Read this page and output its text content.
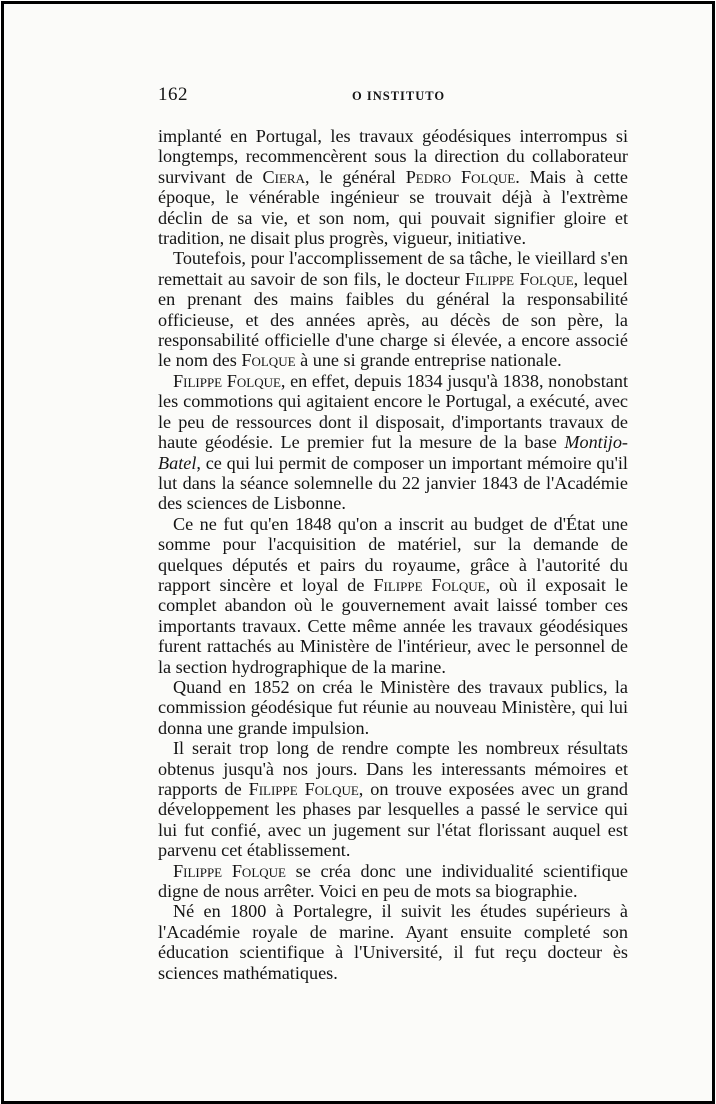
162	O INSTITUTO

implanté en Portugal, les travaux géodésiques interrompus si longtemps, recommencèrent sous la direction du collaborateur survivant de Ciera, le général Pedro Folque. Mais à cette époque, le vénérable ingénieur se trouvait déjà à l'extrème déclin de sa vie, et son nom, qui pouvait signifier gloire et tradition, ne disait plus progrès, vigueur, initiative.

Toutefois, pour l'accomplissement de sa tâche, le vieillard s'en remettait au savoir de son fils, le docteur Filippe Folque, lequel en prenant des mains faibles du général la responsabilité officieuse, et des années après, au décès de son père, la responsabilité officielle d'une charge si élevée, a encore associé le nom des Folque à une si grande entreprise nationale.

Filippe Folque, en effet, depuis 1834 jusqu'à 1838, nonobstant les commotions qui agitaient encore le Portugal, a exécuté, avec le peu de ressources dont il disposait, d'importants travaux de haute géodésie. Le premier fut la mesure de la base Montijo-Batel, ce qui lui permit de composer un important mémoire qu'il lut dans la séance solemnelle du 22 janvier 1843 de l'Académie des sciences de Lisbonne.

Ce ne fut qu'en 1848 qu'on a inscrit au budget de d'État une somme pour l'acquisition de matériel, sur la demande de quelques députés et pairs du royaume, grâce à l'autorité du rapport sincère et loyal de Filippe Folque, où il exposait le complet abandon où le gouvernement avait laissé tomber ces importants travaux. Cette même année les travaux géodésiques furent rattachés au Ministère de l'intérieur, avec le personnel de la section hydrographique de la marine.

Quand en 1852 on créa le Ministère des travaux publics, la commission géodésique fut réunie au nouveau Ministère, qui lui donna une grande impulsion.

Il serait trop long de rendre compte les nombreux résultats obtenus jusqu'à nos jours. Dans les interessants mémoires et rapports de Filippe Folque, on trouve exposées avec un grand développement les phases par lesquelles a passé le service qui lui fut confié, avec un jugement sur l'état florissant auquel est parvenu cet établissement.

Filippe Folque se créa donc une individualité scientifique digne de nous arrêter. Voici en peu de mots sa biographie.

Né en 1800 à Portalegre, il suivit les études supérieurs à l'Académie royale de marine. Ayant ensuite completé son éducation scientifique à l'Université, il fut reçu docteur ès sciences mathématiques.
